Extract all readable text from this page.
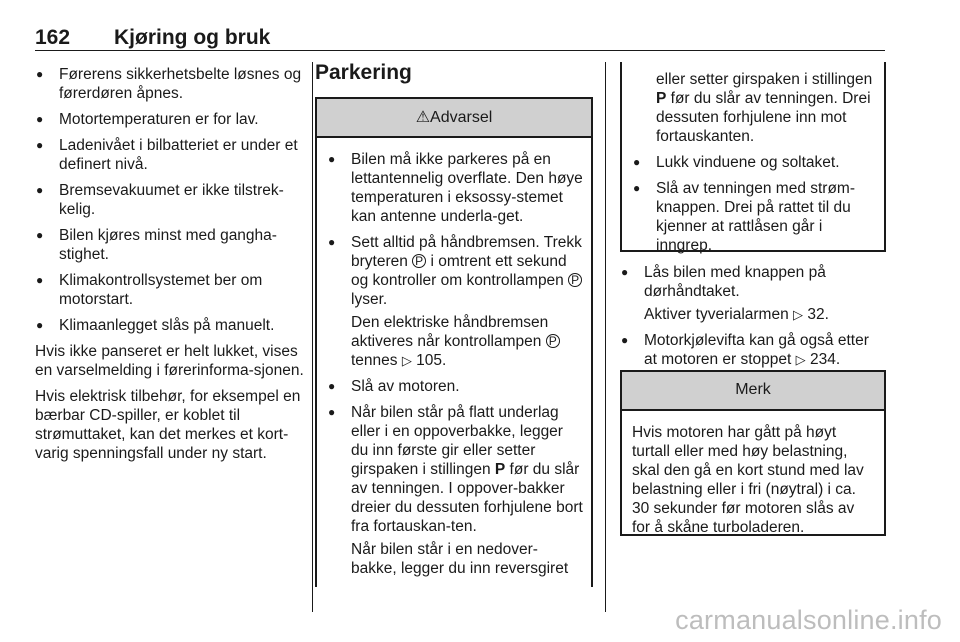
162 Kjøring og bruk
● Førerens sikkerhetsbelte løsnes og førerdøren åpnes.
● Motortemperaturen er for lav.
● Ladenivået i bilbatteriet er under et definert nivå.
● Bremsevakuumet er ikke tilstrek‐kelig.
● Bilen kjøres minst med gangha‐stighet.
● Klimakontrollsystemet ber om motorstart.
● Klimaanlegget slås på manuelt.

Hvis ikke panseret er helt lukket, vises en varselmelding i førerinforma‐sjonen.

Hvis elektrisk tilbehør, for eksempel en bærbar CD-spiller, er koblet til strømuttaket, kan det merkes et kort‐varig spenningsfall under ny start.

Parkering
⚠Advarsel
● Bilen må ikke parkeres på en lettantennelig overflate. Den høye temperaturen i eksossy‐stemet kan antenne underla‐get.
● Sett alltid på håndbremsen. Trekk bryteren P i omtrent ett sekund og kontroller om kontrollampen P lyser.
Den elektriske håndbremsen aktiveres når kontrollampen P tennes ▷ 105.
● Slå av motoren.
● Når bilen står på flatt underlag eller i en oppoverbakke, legger du inn første gir eller setter girspaken i stillingen P før du slår av tenningen. I oppover‐bakker dreier du dessuten forhjulene bort fra fortauskan‐ten.
Når bilen står i en nedover‐bakke, legger du inn reversgiret

eller setter girspaken i stillingen P før du slår av tenningen. Drei dessuten forhjulene inn mot fortauskanten.

● Lukk vinduene og soltaket.
● Slå av tenningen med strøm‐knappen. Drei på rattet til du kjenner at rattlåsen går i inngrep.
● Lås bilen med knappen på dørhåndtaket.
Aktiver tyverialarmen ▷ 32.
● Motorkjølevifta kan gå også etter at motoren er stoppet ▷ 234.
Merk
Hvis motoren har gått på høyt turtall eller med høy belastning, skal den gå en kort stund med lav belastning eller i fri (nøytral) i ca. 30 sekunder før motoren slås av for å skåne turboladeren.
carmanualsonline.info
